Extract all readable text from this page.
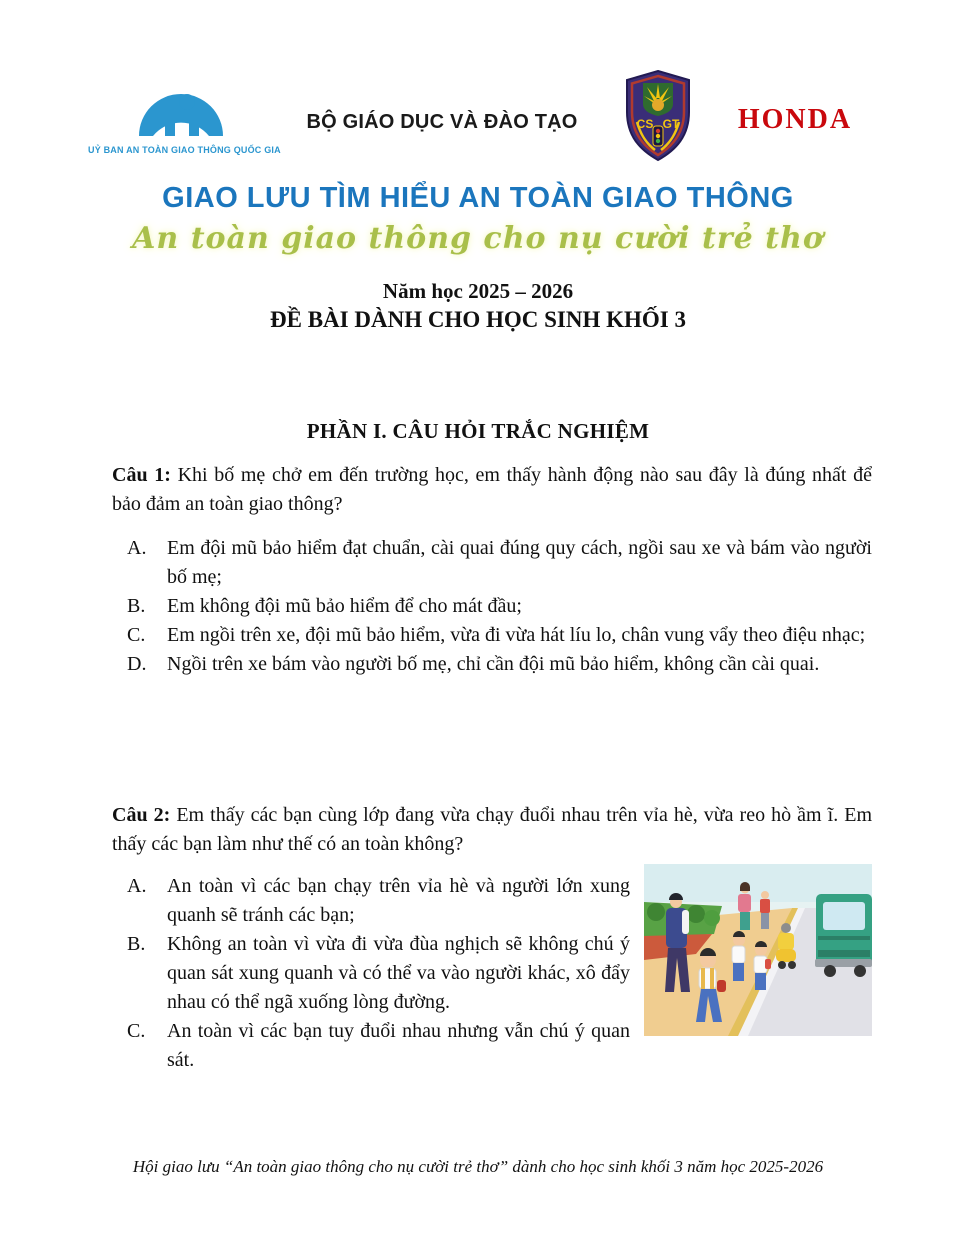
UỶ BAN AN TOÀN GIAO THÔNG QUỐC GIA
BỘ GIÁO DỤC VÀ ĐÀO TẠO	CS GT	HONDA
GIAO LƯU TÌM HIỂU AN TOÀN GIAO THÔNG
An toàn giao thông cho nụ cười trẻ thơ
Năm học 2025 – 2026
ĐỀ BÀI DÀNH CHO HỌC SINH KHỐI 3
PHẦN I. CÂU HỎI TRẮC NGHIỆM
Câu 1: Khi bố mẹ chở em đến trường học, em thấy hành động nào sau đây là đúng nhất để bảo đảm an toàn giao thông?
A. Em đội mũ bảo hiểm đạt chuẩn, cài quai đúng quy cách, ngồi sau xe và bám vào người bố mẹ;
B. Em không đội mũ bảo hiểm để cho mát đầu;
C. Em ngồi trên xe, đội mũ bảo hiểm, vừa đi vừa hát líu lo, chân vung vẩy theo điệu nhạc;
D. Ngồi trên xe bám vào người bố mẹ, chỉ cần đội mũ bảo hiểm, không cần cài quai.
Câu 2: Em thấy các bạn cùng lớp đang vừa chạy đuổi nhau trên vỉa hè, vừa reo hò ầm ĩ. Em thấy các bạn làm như thế có an toàn không?
A. An toàn vì các bạn chạy trên vỉa hè và người lớn xung quanh sẽ tránh các bạn;
B. Không an toàn vì vừa đi vừa đùa nghịch sẽ không chú ý quan sát xung quanh và có thể va vào người khác, xô đẩy nhau có thể ngã xuống lòng đường.
C. An toàn vì các bạn tuy đuổi nhau nhưng vẫn chú ý quan sát.
Hội giao lưu “An toàn giao thông cho nụ cười trẻ thơ” dành cho học sinh khối 3 năm học 2025-2026
